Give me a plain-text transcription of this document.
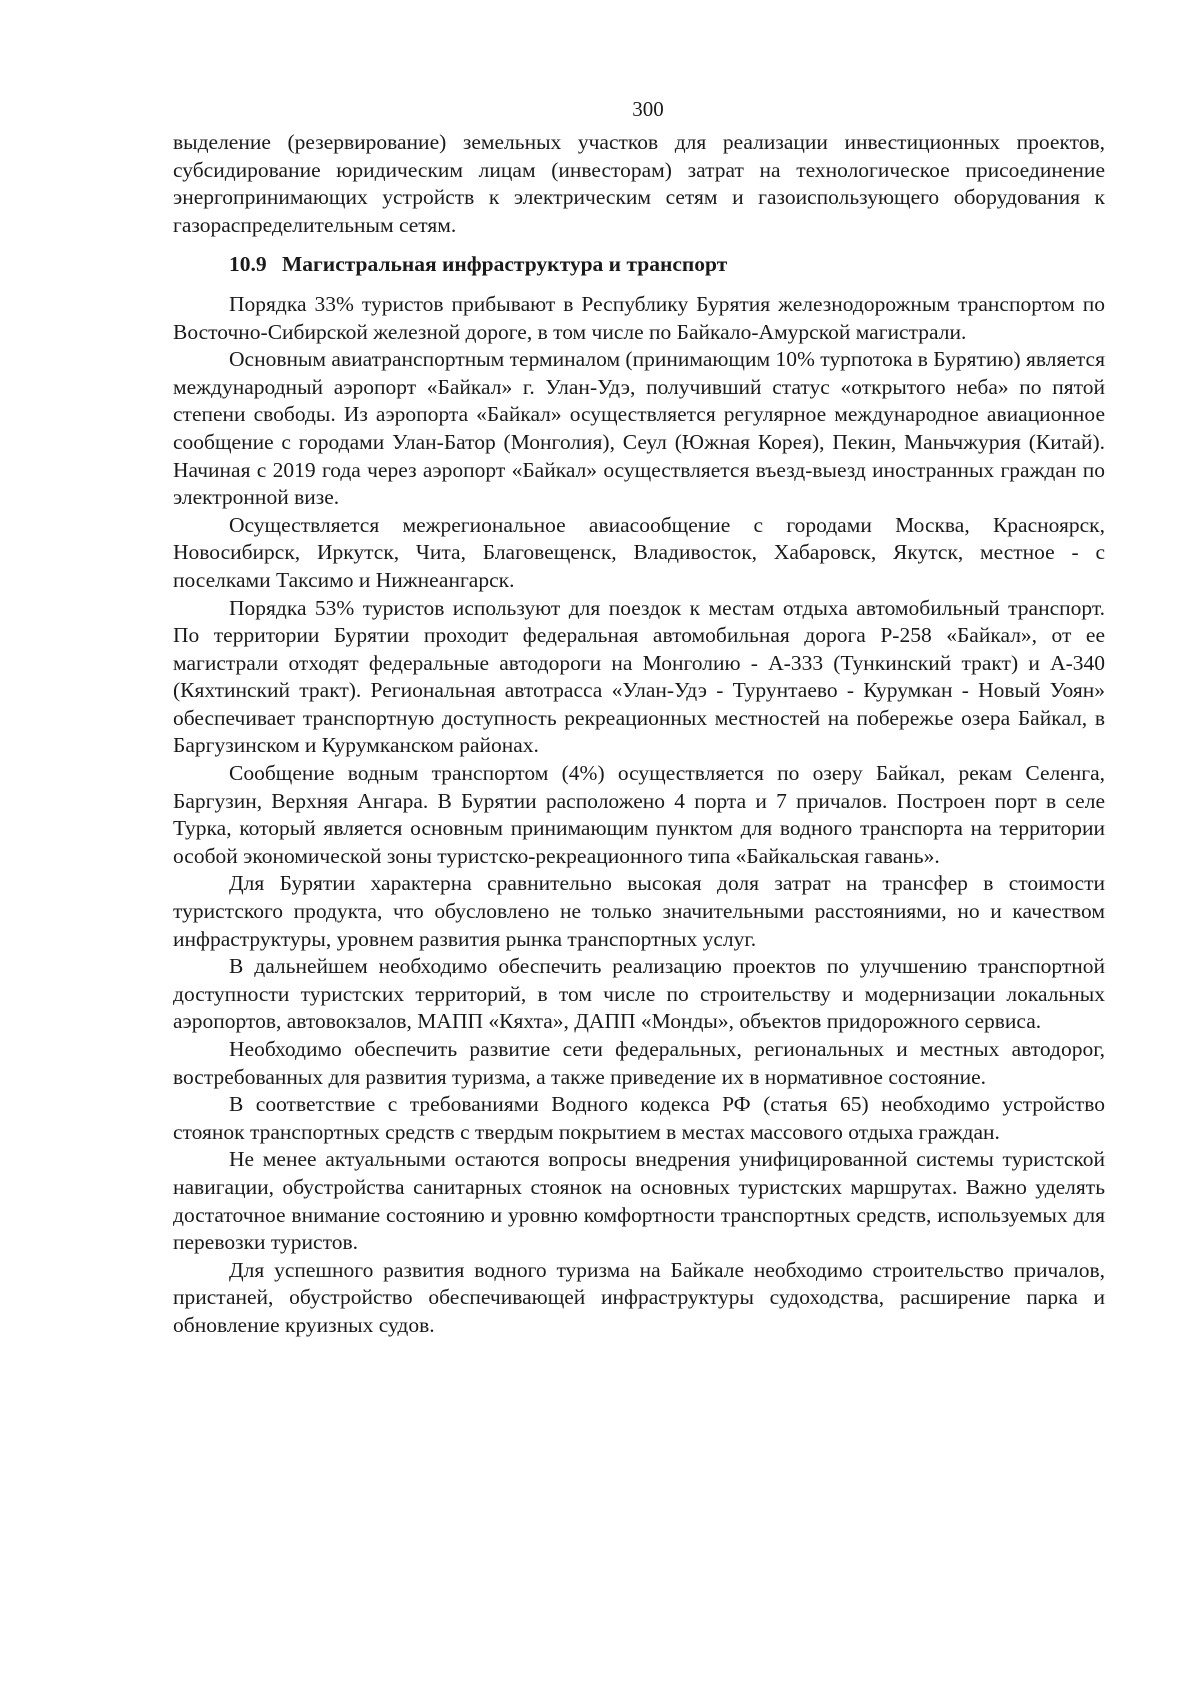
300

выделение (резервирование) земельных участков для реализации инвестиционных проектов, субсидирование юридическим лицам (инвесторам) затрат на технологическое присоединение энергопринимающих устройств к электрическим сетям и газоиспользующего оборудования к газораспределительным сетям.

10.9 Магистральная инфраструктура и транспорт

Порядка 33% туристов прибывают в Республику Бурятия железнодорожным транспортом по Восточно-Сибирской железной дороге, в том числе по Байкало-Амурской магистрали.

Основным авиатранспортным терминалом (принимающим 10% турпотока в Бурятию) является международный аэропорт «Байкал» г. Улан-Удэ, получивший статус «открытого неба» по пятой степени свободы. Из аэропорта «Байкал» осуществляется регулярное международное авиационное сообщение с городами Улан-Батор (Монголия), Сеул (Южная Корея), Пекин, Маньчжурия (Китай). Начиная с 2019 года через аэропорт «Байкал» осуществляется въезд-выезд иностранных граждан по электронной визе.

Осуществляется межрегиональное авиасообщение с городами Москва, Красноярск, Новосибирск, Иркутск, Чита, Благовещенск, Владивосток, Хабаровск, Якутск, местное - с поселками Таксимо и Нижнеангарск.

Порядка 53% туристов используют для поездок к местам отдыха автомобильный транспорт. По территории Бурятии проходит федеральная автомобильная дорога Р-258 «Байкал», от ее магистрали отходят федеральные автодороги на Монголию - А-333 (Тункинский тракт) и А-340 (Кяхтинский тракт). Региональная автотрасса «Улан-Удэ - Турунтаево - Курумкан - Новый Уоян» обеспечивает транспортную доступность рекреационных местностей на побережье озера Байкал, в Баргузинском и Курумканском районах.

Сообщение водным транспортом (4%) осуществляется по озеру Байкал, рекам Селенга, Баргузин, Верхняя Ангара. В Бурятии расположено 4 порта и 7 причалов. Построен порт в селе Турка, который является основным принимающим пунктом для водного транспорта на территории особой экономической зоны туристско-рекреационного типа «Байкальская гавань».

Для Бурятии характерна сравнительно высокая доля затрат на трансфер в стоимости туристского продукта, что обусловлено не только значительными расстояниями, но и качеством инфраструктуры, уровнем развития рынка транспортных услуг.

В дальнейшем необходимо обеспечить реализацию проектов по улучшению транспортной доступности туристских территорий, в том числе по строительству и модернизации локальных аэропортов, автовокзалов, МАПП «Кяхта», ДАПП «Монды», объектов придорожного сервиса.

Необходимо обеспечить развитие сети федеральных, региональных и местных автодорог, востребованных для развития туризма, а также приведение их в нормативное состояние.

В соответствие с требованиями Водного кодекса РФ (статья 65) необходимо устройство стоянок транспортных средств с твердым покрытием в местах массового отдыха граждан.

Не менее актуальными остаются вопросы внедрения унифицированной системы туристской навигации, обустройства санитарных стоянок на основных туристских маршрутах. Важно уделять достаточное внимание состоянию и уровню комфортности транспортных средств, используемых для перевозки туристов.

Для успешного развития водного туризма на Байкале необходимо строительство причалов, пристаней, обустройство обеспечивающей инфраструктуры судоходства, расширение парка и обновление круизных судов.
